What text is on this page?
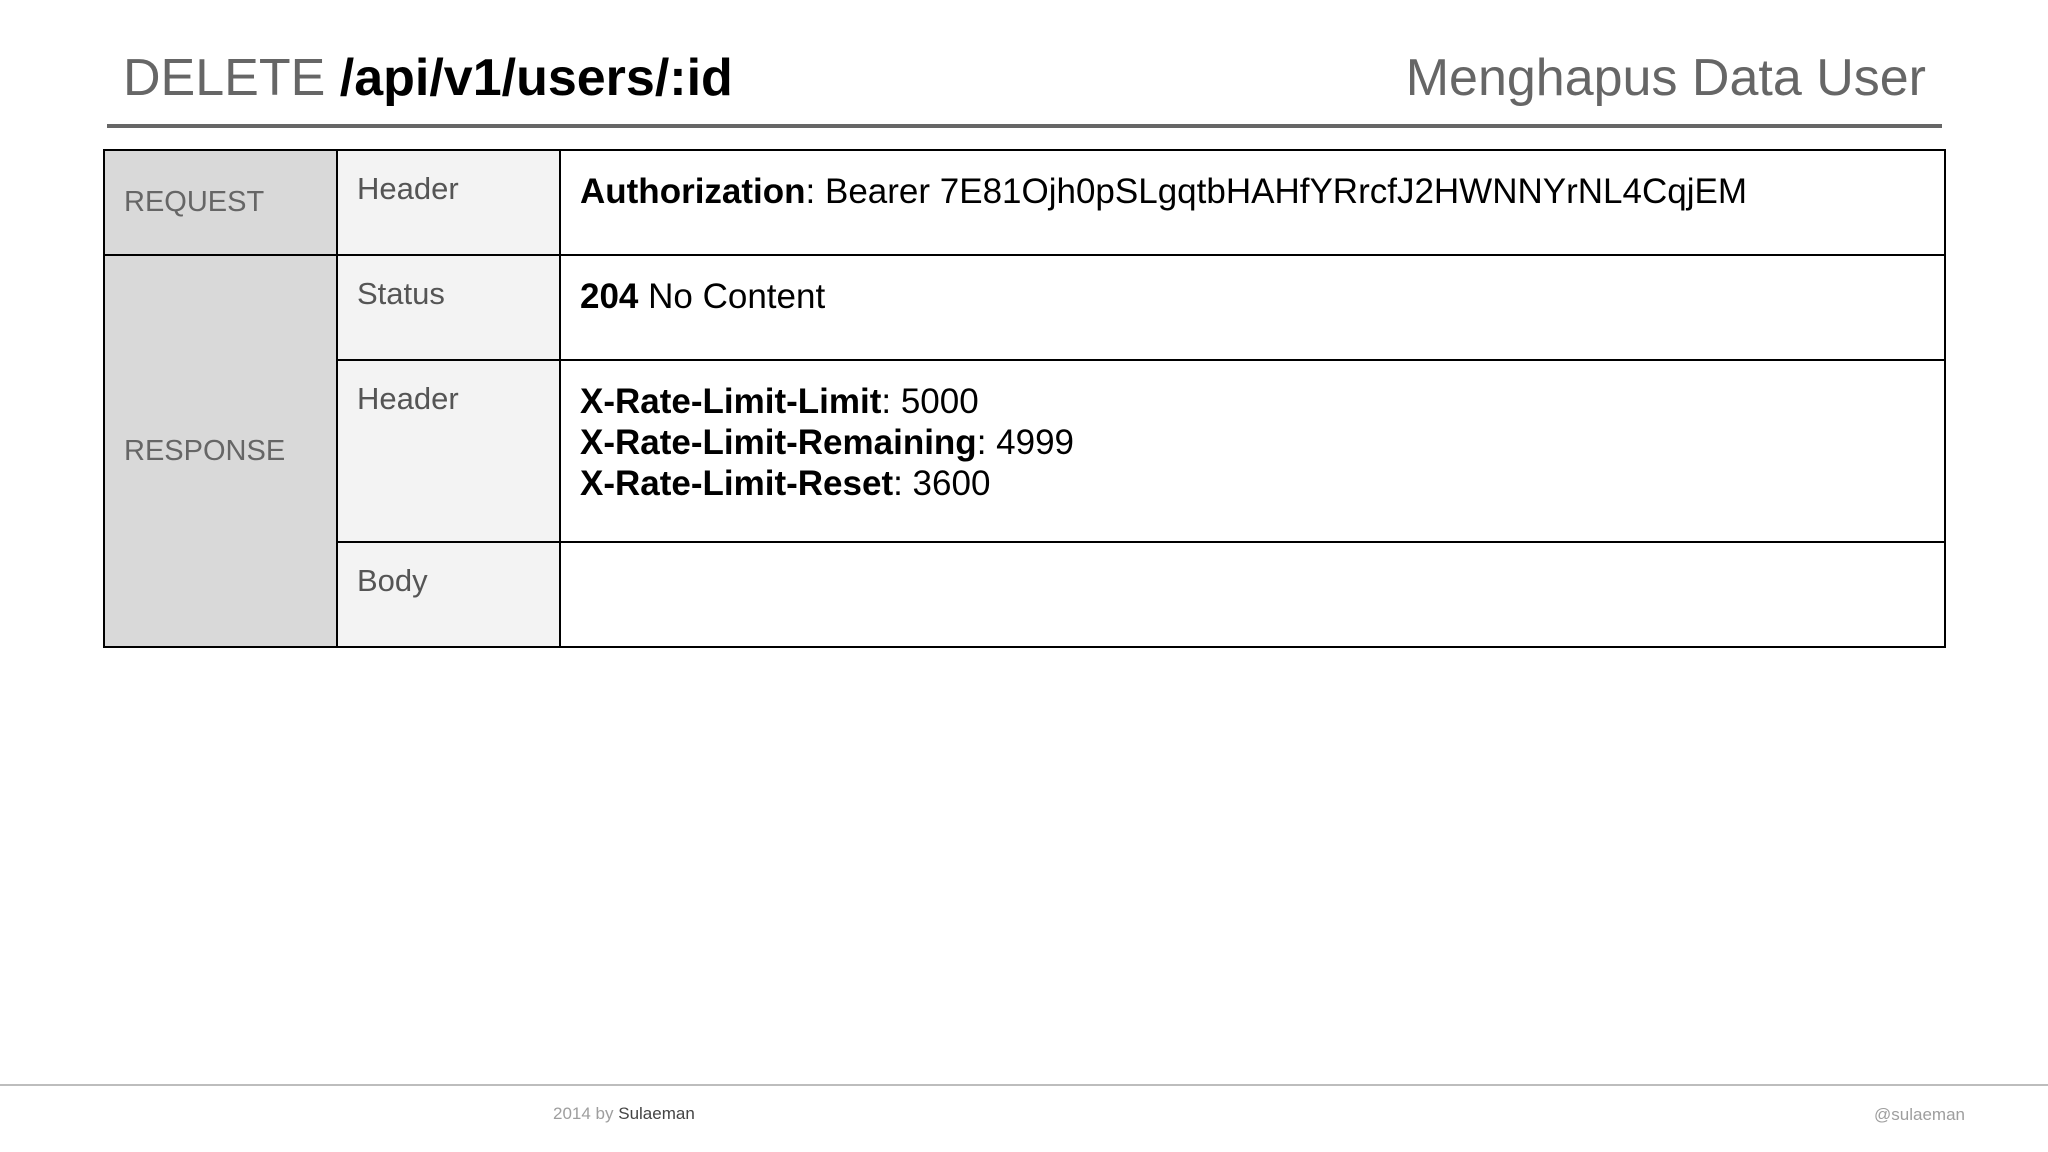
DELETE /api/v1/users/:id	Menghapus Data User
REQUEST	Header	Authorization: Bearer 7E81Ojh0pSLgqtbHAHfYRrcfJ2HWNNYrNL4CqjEM
RESPONSE	Status	204 No Content
	Header	X-Rate-Limit-Limit: 5000
X-Rate-Limit-Remaining: 4999
X-Rate-Limit-Reset: 3600

	Body	
2014 by Sulaeman	@sulaeman
